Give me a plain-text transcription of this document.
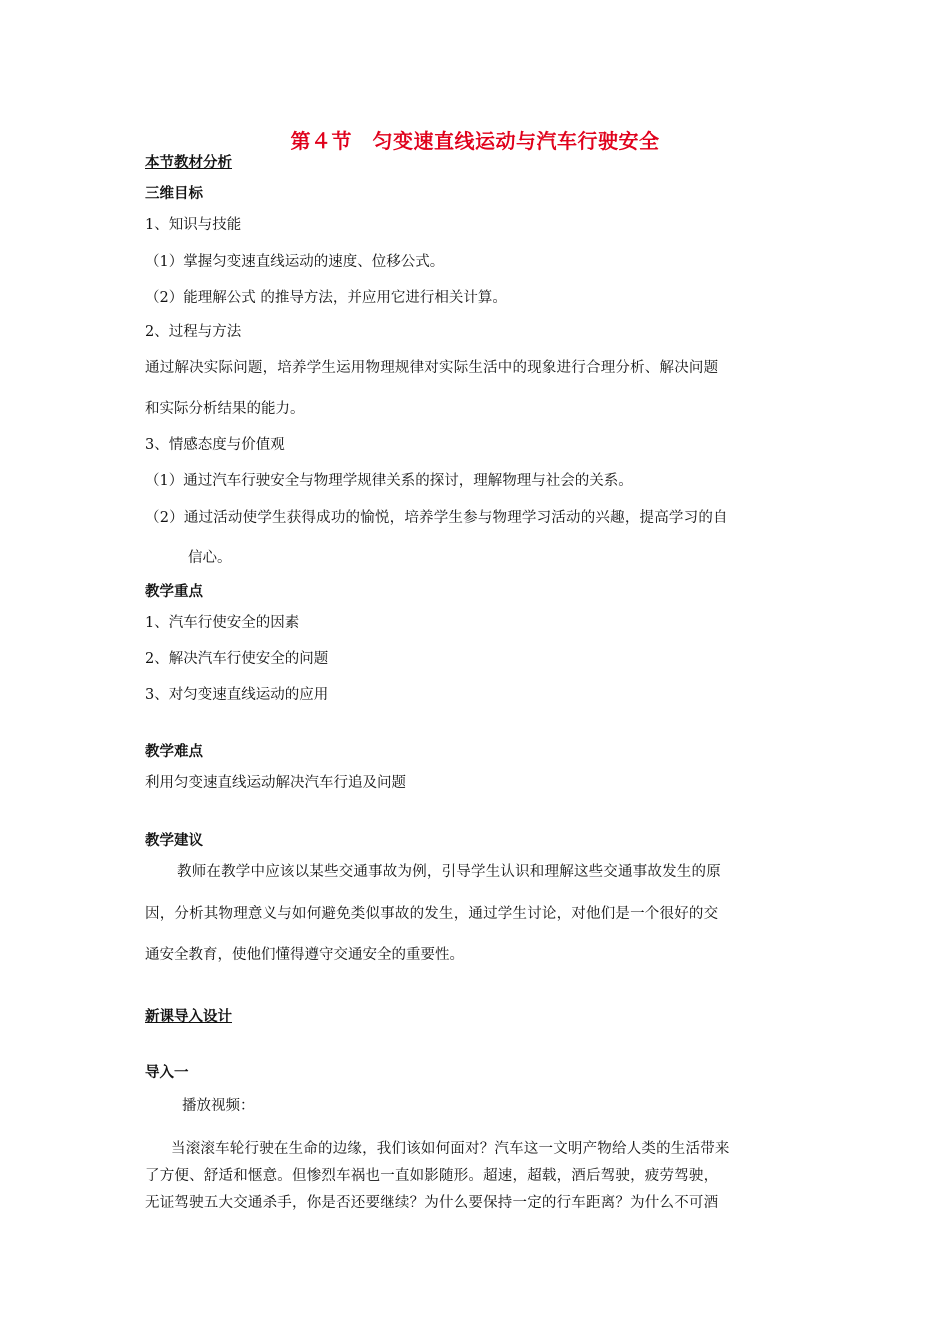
第４节　匀变速直线运动与汽车行驶安全
本节教材分析
三维目标
1、知识与技能
（1）掌握匀变速直线运动的速度、位移公式。
（2）能理解公式 的推导方法，并应用它进行相关计算。
2、过程与方法
通过解决实际问题，培养学生运用物理规律对实际生活中的现象进行合理分析、解决问题
和实际分析结果的能力。
3、情感态度与价值观
（1）通过汽车行驶安全与物理学规律关系的探讨，理解物理与社会的关系。
（2）通过活动使学生获得成功的愉悦，培养学生参与物理学习活动的兴趣，提高学习的自
信心。
教学重点
1、汽车行使安全的因素
2、解决汽车行使安全的问题
3、对匀变速直线运动的应用
教学难点
利用匀变速直线运动解决汽车行追及问题
教学建议
教师在教学中应该以某些交通事故为例，引导学生认识和理解这些交通事故发生的原
因，分析其物理意义与如何避免类似事故的发生，通过学生讨论，对他们是一个很好的交
通安全教育，使他们懂得遵守交通安全的重要性。
新课导入设计
导入一
播放视频：
当滚滚车轮行驶在生命的边缘，我们该如何面对？汽车这一文明产物给人类的生活带来
了方便、舒适和惬意。但惨烈车祸也一直如影随形。超速，超载，酒后驾驶，疲劳驾驶，
无证驾驶五大交通杀手，你是否还要继续？为什么要保持一定的行车距离？为什么不可酒
